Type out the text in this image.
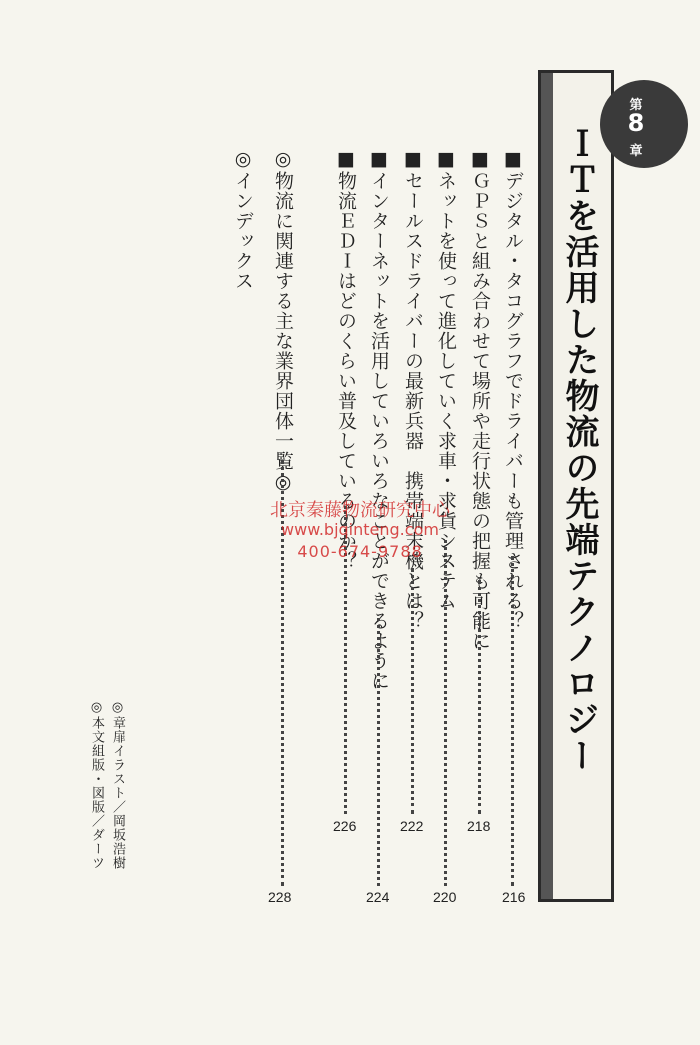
ＩＴを活用した物流の先端テクノロジー
第
8
章
■デジタル・タコグラフでドライバーも管理される？
216
■ＧＰＳと組み合わせて場所や走行状態の把握も可能に
218
■ネットを使って進化していく求車・求貨システム
220
■セールスドライバーの最新兵器　携帯端末機とは？
222
■インターネットを活用していろいろなことができるように
224
■物流ＥＤＩはどのくらい普及しているのか？
226
◎物流に関連する主な業界団体一覧◎
228
◎インデックス
◎章扉イラスト／岡坂浩樹
◎本文組版・図版／ダーツ
北京秦藤物流研究中心
www.bjqinteng.com
400-674-9788
